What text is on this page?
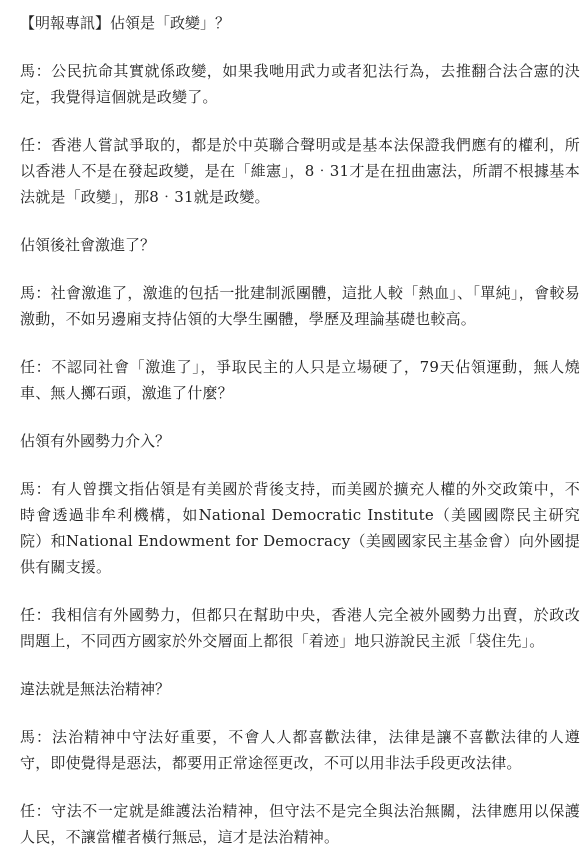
【明報專訊】佔領是「政變」？

馬：公民抗命其實就係政變，如果我哋用武力或者犯法行為，去推翻合法合憲的決定，我覺得這個就是政變了。

任：香港人嘗試爭取的，都是於中英聯合聲明或是基本法保證我們應有的權利，所以香港人不是在發起政變，是在「維憲」，8‧31才是在扭曲憲法，所謂不根據基本法就是「政變」，那8‧31就是政變。

佔領後社會激進了？

馬：社會激進了，激進的包括一批建制派團體，這批人較「熱血」、「單純」，會較易激動，不如另邊廂支持佔領的大學生團體，學歷及理論基礎也較高。

任：不認同社會「激進了」，爭取民主的人只是立場硬了，79天佔領運動，無人燒車、無人擲石頭，激進了什麼？

佔領有外國勢力介入？

馬：有人曾撰文指佔領是有美國於背後支持，而美國於擴充人權的外交政策中，不時會透過非牟利機構，如National Democratic Institute（美國國際民主研究院）和National Endowment for Democracy（美國國家民主基金會）向外國提供有關支援。

任：我相信有外國勢力，但都只在幫助中央，香港人完全被外國勢力出賣，於政改問題上，不同西方國家於外交層面上都很「着迹」地只游說民主派「袋住先」。

違法就是無法治精神？

馬：法治精神中守法好重要，不會人人都喜歡法律，法律是讓不喜歡法律的人遵守，即使覺得是惡法，都要用正常途徑更改，不可以用非法手段更改法律。

任：守法不一定就是維護法治精神，但守法不是完全與法治無關，法律應用以保護人民，不讓當權者橫行無忌，這才是法治精神。
